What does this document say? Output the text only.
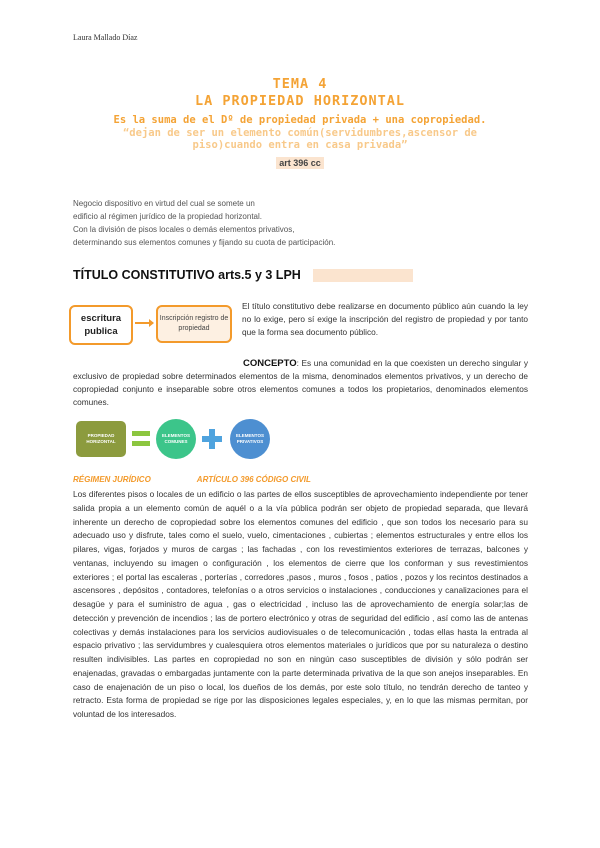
Laura Mallado Díaz
TEMA 4
LA PROPIEDAD HORIZONTAL
Es la suma de el Dº de propiedad privada + una copropiedad.
“dejan de ser un elemento común(servidumbres,ascensor de
piso)cuando entra en casa privada”
art 396 cc
Negocio dispositivo en virtud del cual se somete un
edificio al régimen jurídico de la propiedad horizontal.
Con la división de pisos locales o demás elementos privativos,
determinando sus elementos comunes y fijando su cuota de participación.
TÍTULO CONSTITUTIVO arts.5 y 3 LPH
escritura publica
Inscripción registro de propiedad
El título constitutivo debe realizarse en documento público aún cuando la ley no lo exige, pero sí exige la inscripción del registro de propiedad y por tanto que la forma sea documento público.
CONCEPTO: Es una comunidad en la que coexisten un derecho singular y exclusivo de propiedad sobre determinados elementos de la misma, denominados elementos privativos, y un derecho de copropiedad conjunto e inseparable sobre otros elementos comunes a todos los propietarios, denominados elementos comunes.
PROPIEDAD HORIZONTAL
ELEMENTOS COMUNES
ELEMENTOS PRIVATIVOS
RÉGIMEN JURÍDICO	ARTÍCULO 396 CÓDIGO CIVIL
Los diferentes pisos o locales de un edificio o las partes de ellos susceptibles de aprovechamiento independiente por tener salida propia a un elemento común de aquél o a la vía pública podrán ser objeto de propiedad separada, que llevará inherente un derecho de copropiedad sobre los elementos comunes del edificio , que son todos los necesario para su adecuado uso y disfrute, tales como el suelo, vuelo, cimentaciones , cubiertas ; elementos estructurales y entre ellos los pilares, vigas, forjados y muros de cargas ; las fachadas , con los revestimientos exteriores de terrazas, balcones y ventanas, incluyendo su imagen o configuración , los elementos de cierre que los conforman y sus revestimientos exteriores ; el portal las escaleras , porterías , corredores ,pasos , muros , fosos , patios , pozos y los recintos destinados a ascensores , depósitos , contadores, telefonías o a otros servicios o instalaciones , conducciones y canalizaciones para el desagüe y para el suministro de agua , gas o electricidad , incluso las de aprovechamiento de energía solar;las de detección y prevención de incendios ; las de portero electrónico y otras de seguridad del edificio , así como las de antenas colectivas y demás instalaciones para los servicios audiovisuales o de telecomunicación , todas ellas hasta la entrada al espacio privativo ; las servidumbres y cualesquiera otros elementos materiales o jurídicos que por su naturaleza o destino resulten indivisibles. Las partes en copropiedad no son en ningún caso susceptibles de división y sólo podrán ser enajenadas, gravadas o embargadas juntamente con la parte determinada privativa de la que son anejos inseparables. En caso de enajenación de un piso o local, los dueños de los demás, por este solo título, no tendrán derecho de tanteo y retracto. Esta forma de propiedad se rige por las disposiciones legales especiales, y, en lo que las mismas permitan, por voluntad de los interesados.
